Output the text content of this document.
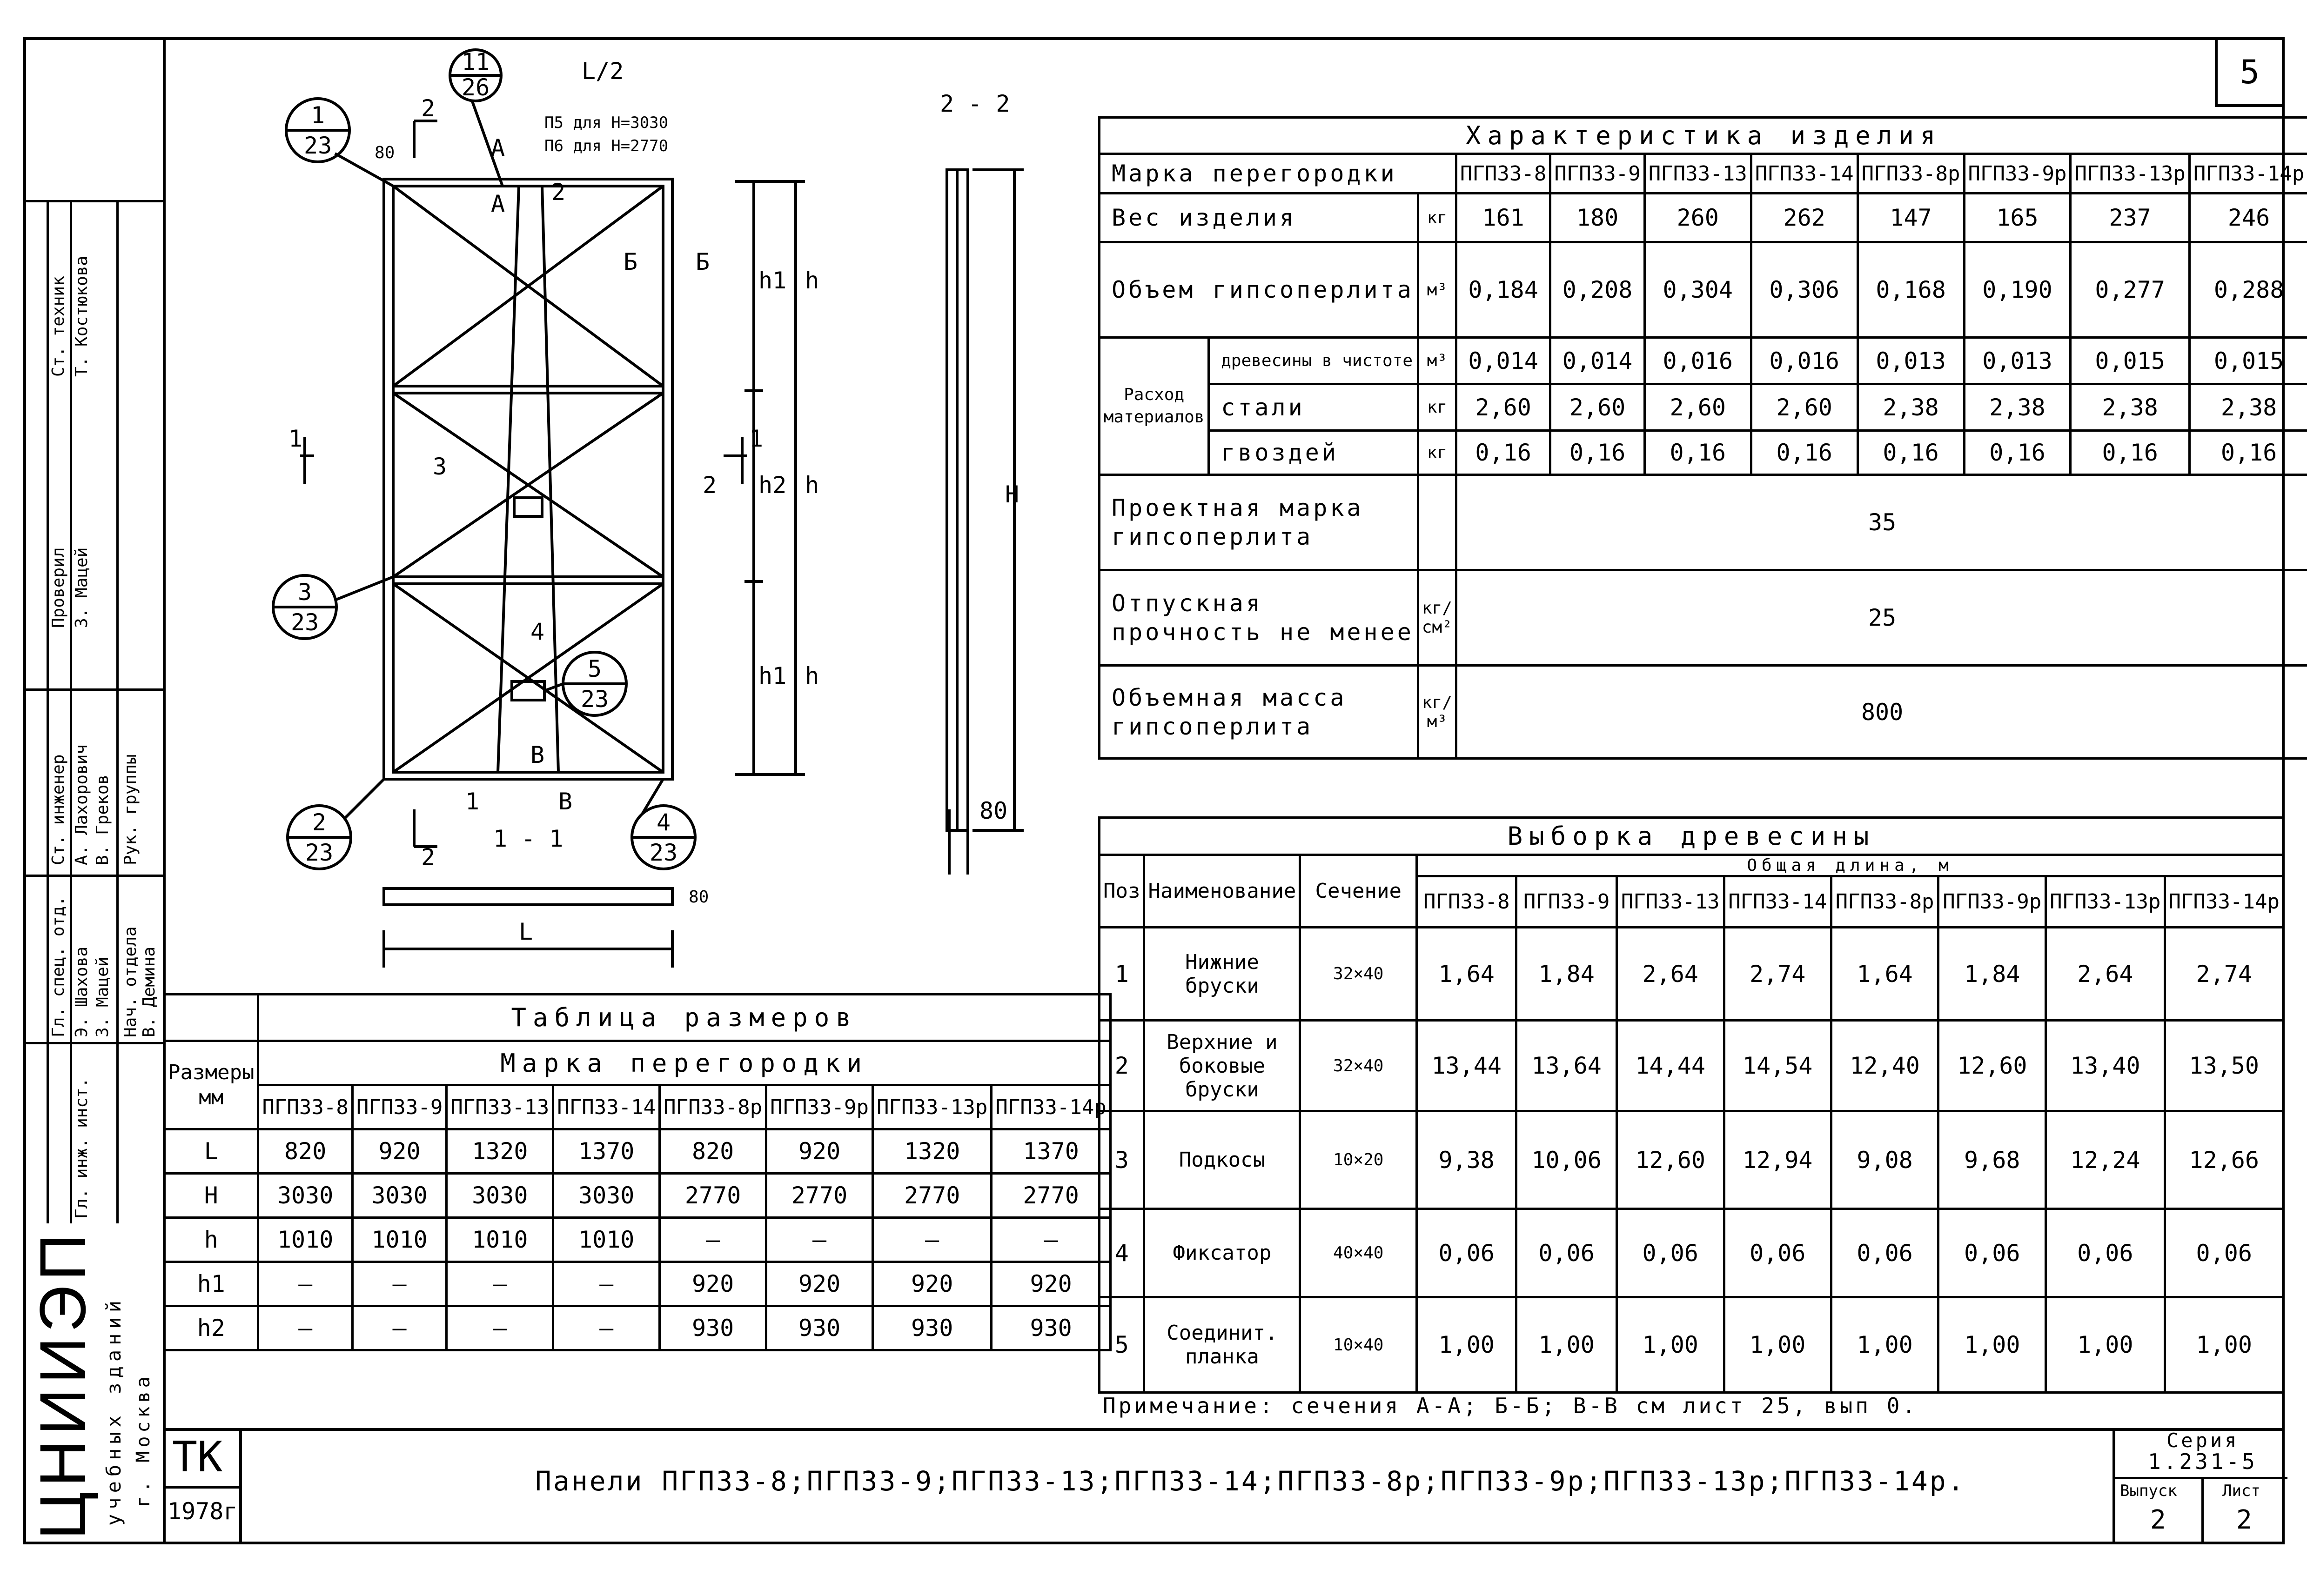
5
Т. Костюкова
Ст. техник
З. Мацей
Проверил
А. Лахорович
Ст. инженер В. Греков Рук. группы
Э. Шахова
Гл. спец. отд. З. Мацей Нач. отдела В. Демина
Гл. инж. инст.
ЦНИИЭП учебных зданий г. Москва
2 - 2
1 - 1
L/2
L
H
h
h
h
h1
h2
h1
80
80
80
П5 для Н=3030
П6 для Н=2770
1
23
11
26
3
23
5
23
2
23
4
23
2
2
1	1
А
А
Б Б
В
В
1
2
2
3
4
Характеристика изделия										
Марка перегородки			ПГП33-8	ПГП33-9	ПГП33-13	ПГП33-14	ПГП33-8р	ПГП33-9р	ПГП33-13р	ПГП33-14р
Вес изделия		кг	161	180	260	262	147	165	237	246
Объем гипсоперлита		м³	0,184	0,208	0,304	0,306	0,168	0,190	0,277	0,288
Расход материалов	древесины в чистоте	м³	0,014	0,014	0,016	0,016	0,013	0,013	0,015	0,015
	стали	кг	2,60	2,60	2,60	2,60	2,38	2,38	2,38	2,38
	гвоздей	кг	0,16	0,16	0,16	0,16	0,16	0,16	0,16	0,16
Проектная марка гипсоперлита			35							
Отпускная прочность не менее		кг/см²	25							
Объемная масса гипсоперлита		кг/м³	800							
Выборка древесины										
Поз	Наименование	Сечение	Общая длина, м							
			ПГП33-8	ПГП33-9	ПГП33-13	ПГП33-14	ПГП33-8р	ПГП33-9р	ПГП33-13р	ПГП33-14р
1	Нижние бруски	32×40	1,64	1,84	2,64	2,74	1,64	1,84	2,64	2,74
2	Верхние и боковые бруски	32×40	13,44	13,64	14,44	14,54	12,40	12,60	13,40	13,50
3	Подкосы	10×20	9,38	10,06	12,60	12,94	9,08	9,68	12,24	12,66
4	Фиксатор	40×40	0,06	0,06	0,06	0,06	0,06	0,06	0,06	0,06
5	Соединит. планка	10×40	1,00	1,00	1,00	1,00	1,00	1,00	1,00	1,00
Примечание: сечения А-А; Б-Б; В-В см лист 25, вып 0.
	Таблица размеров							
Размеры мм	Марка перегородки							
	ПГП33-8	ПГП33-9	ПГП33-13	ПГП33-14	ПГП33-8р	ПГП33-9р	ПГП33-13р	ПГП33-14р
L	820	920	1320	1370	820	920	1320	1370
H	3030	3030	3030	3030	2770	2770	2770	2770
h	1010	1010	1010	1010	—	—	—	—
h1	—	—	—	—	920	920	920	920
h2	—	—	—	—	930	930	930	930
ТК
1978г
Панели ПГП33-8;ПГП33-9;ПГП33-13;ПГП33-14;ПГП33-8р;ПГП33-9р;ПГП33-13р;ПГП33-14р.
Серия
1.231-5
Выпуск
2
Лист
2
